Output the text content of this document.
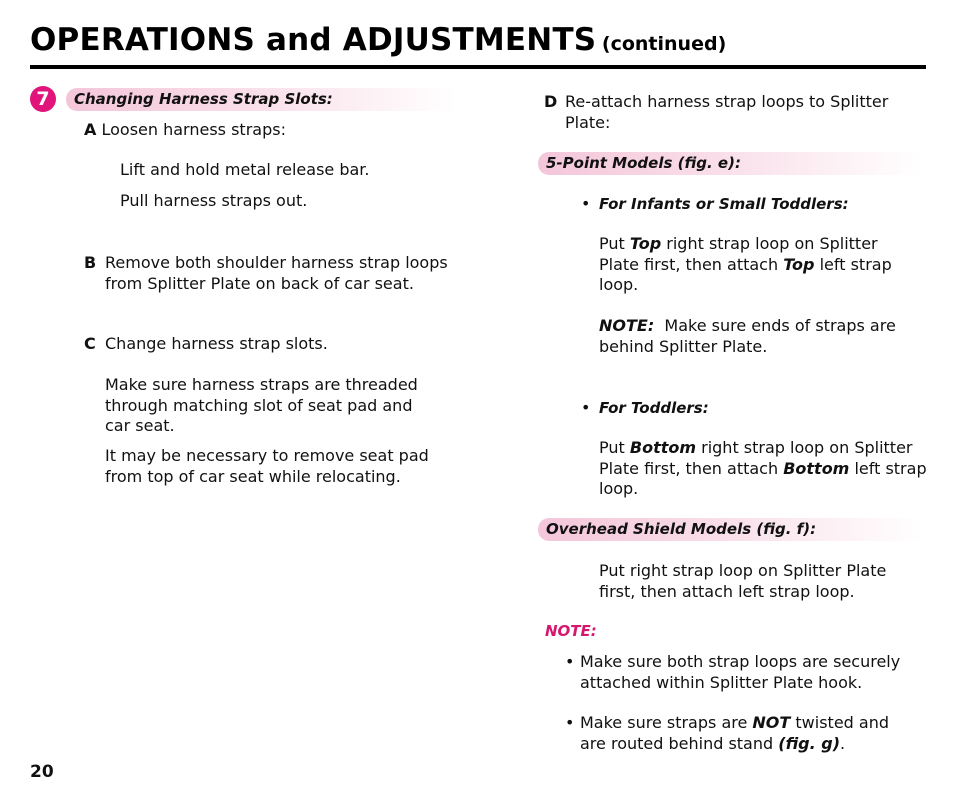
OPERATIONS and ADJUSTMENTS (continued)
7	Changing Harness Strap Slots:
A Loosen harness straps:
Lift and hold metal release bar.
Pull harness straps out.
B Remove both shoulder harness strap loops
from Splitter Plate on back of car seat.
C Change harness strap slots.
Make sure harness straps are threaded
through matching slot of seat pad and
car seat.
It may be necessary to remove seat pad
from top of car seat while relocating.
D Re-attach harness strap loops to Splitter
Plate:
5-Point Models (fig. e):
• For Infants or Small Toddlers:
Put Top right strap loop on Splitter
Plate first, then attach Top left strap
loop.
NOTE:  Make sure ends of straps are
behind Splitter Plate.
• For Toddlers:
Put Bottom right strap loop on Splitter
Plate first, then attach Bottom left strap
loop.
Overhead Shield Models (fig. f):
Put right strap loop on Splitter Plate
first, then attach left strap loop.
NOTE:
• Make sure both strap loops are securely
attached within Splitter Plate hook.
• Make sure straps are NOT twisted and
are routed behind stand (fig. g).
20
